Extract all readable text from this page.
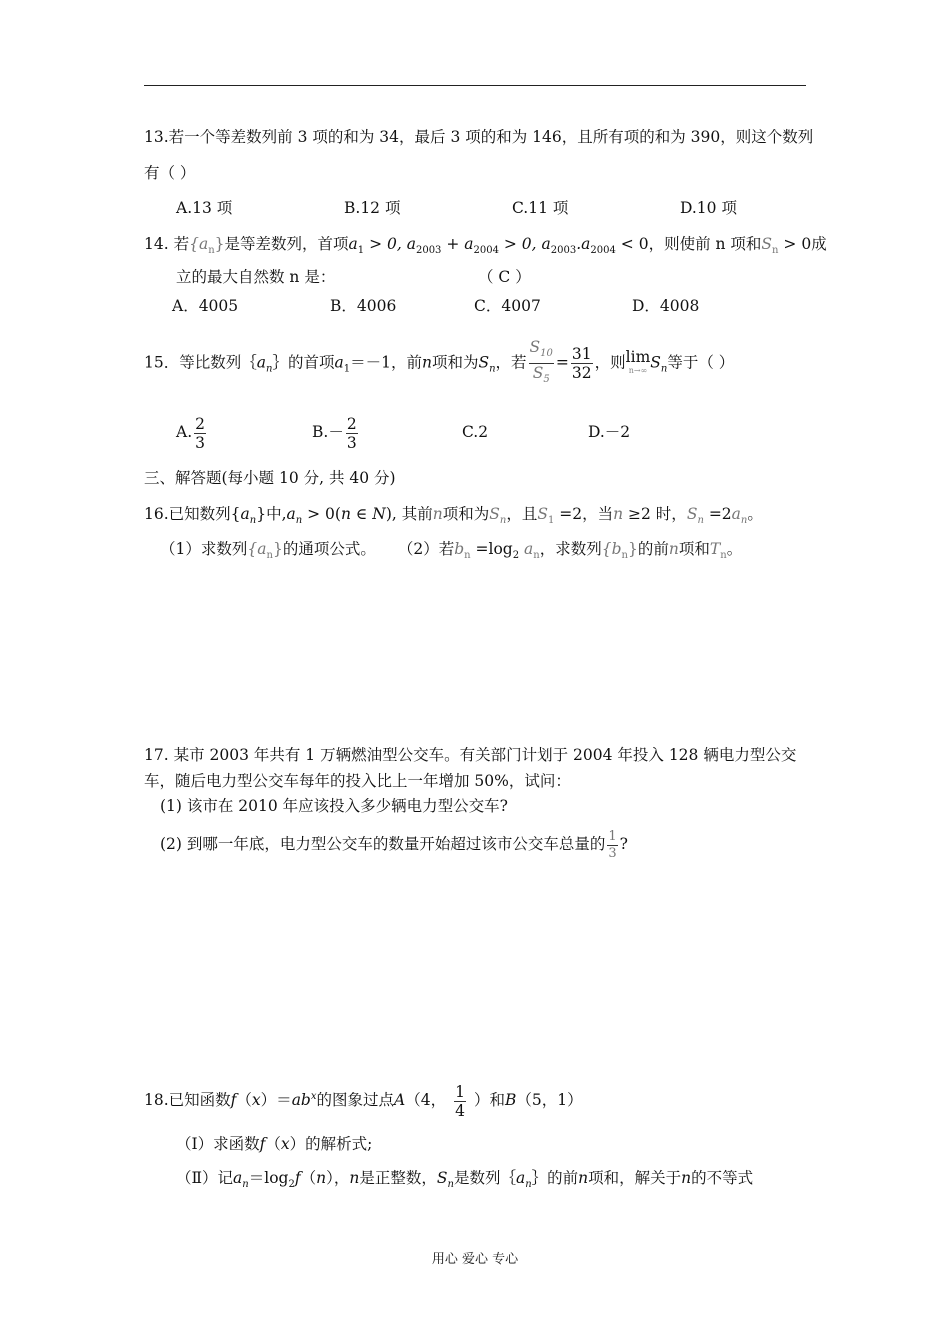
13.若一个等差数列前 3 项的和为 34，最后 3 项的和为 146，且所有项的和为 390，则这个数列
有（ ）
A.13 项	B.12 项	C.11 项	D.10 项
14. 若$\{a_n\}$是等差数列，首项$a_1 > 0$, $a_{2003} + a_{2004} > 0$, $a_{2003}.a_{2004} < 0$，则使前 n 项和$S_n > 0$成
立的最大自然数 n 是：	（ C ）
A．4005	B．4006	C．4007	D．4008
15．等比数列$\{a_n\}$的首项$a_1=-1$，前n项和为$S_n$，若 $\frac{S_{10}}{S_5} = \frac{31}{32}$ ，则 lim
n→∞ $S_n$等于（ ）
A. $\frac{2}{3}$	$B.- \frac{2}{3}$	C.2	D.－2
三、解答题(每小题 10 分, 共 40 分)
16.已知数列$\{a_n\}$中$,a_n > 0(n$ ∈ N), 其前n项和为$S_n$，且$S_1 =2$，当n ≥2 时，$S_n =2a_n$。
（1）求数列$\{a_n\}$的通项公式。 （2）若$b_n =\log_2$ $a_n$，求数列$\{b_n\}$的前n项和$T_n$。
17. 某市 2003 年共有 1 万辆燃油型公交车。有关部门计划于 2004 年投入 128 辆电力型公交
车，随后电力型公交车每年的投入比上一年增加 50%，试问：
(1) 该市在 2010 年应该投入多少辆电力型公交车?
(2) 到哪一年底，电力型公交车的数量开始超过该市公交车总量的 $\frac{1}{3}$ ?
18.已知函数$f(x)=ab^x$的图象过点A（4， $\frac{1}{4}$ ）和B（5，1）
（Ⅰ）求函数f（x）的解析式;
（Ⅱ）记$a_n=\log_2f(n)$，n是正整数，$S_n$是数列$\{a_n\}$的前n项和，解关于n的不等式
用心 爱心 专心
